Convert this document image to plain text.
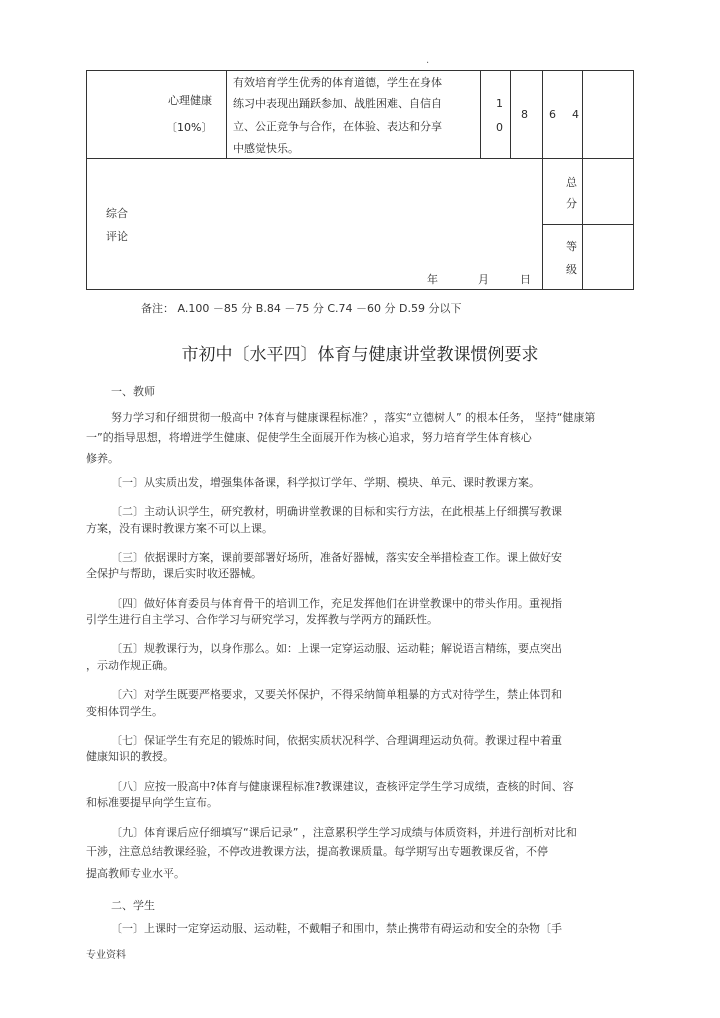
·
心理健康
〔10%〕
有效培育学生优秀的体育道德，学生在身体
练习中表现出踊跃参加、战胜困难、自信自
立、公正竞争与合作，在体验、表达和分享
中感觉快乐。
1
0
8 6 4
综合
评论
总
分
等
级
年	月	日
备注： A.100 －85 分 B.84 －75 分 C.74 －60 分 D.59 分以下
市初中〔水平四〕体育与健康讲堂教课惯例要求
一、教师
努力学习和仔细贯彻一般高中 ?体育与健康课程标准？，落实“立德树人” 的根本任务， 坚持“健康第
一”的指导思想，将增进学生健康、促使学生全面展开作为核心追求，努力培育学生体育核心
修养。
〔一〕从实质出发，增强集体备课，科学拟订学年、学期、模块、单元、课时教课方案。
〔二〕主动认识学生，研究教材，明确讲堂教课的目标和实行方法，在此根基上仔细撰写教课
方案，没有课时教课方案不可以上课。
〔三〕依据课时方案，课前要部署好场所，准备好器械，落实安全举措检查工作。课上做好安
全保护与帮助，课后实时收还器械。
〔四〕做好体育委员与体育骨干的培训工作，充足发挥他们在讲堂教课中的带头作用。重视指
引学生进行自主学习、合作学习与研究学习，发挥教与学两方的踊跃性。
〔五〕规教课行为，以身作那么。如：上课一定穿运动服、运动鞋；解说语言精练，要点突出
，示动作规正确。
〔六〕对学生既要严格要求，又要关怀保护，不得采纳简单粗暴的方式对待学生，禁止体罚和
变相体罚学生。
〔七〕保证学生有充足的锻炼时间，依据实质状况科学、合理调理运动负荷。教课过程中着重
健康知识的教授。
〔八〕应按一股高中?体育与健康课程标准?教课建议，查核评定学生学习成绩，查核的时间、容
和标准要提早向学生宣布。
〔九〕体育课后应仔细填写“课后记录” ，注意累积学生学习成绩与体质资料，并进行剖析对比和
干涉，注意总结教课经验，不停改进教课方法，提高教课质量。每学期写出专题教课反省，不停
提高教师专业水平。
二、学生
〔一〕上课时一定穿运动服、运动鞋，不戴帽子和围巾，禁止携带有碍运动和安全的杂物〔手
专业资料
